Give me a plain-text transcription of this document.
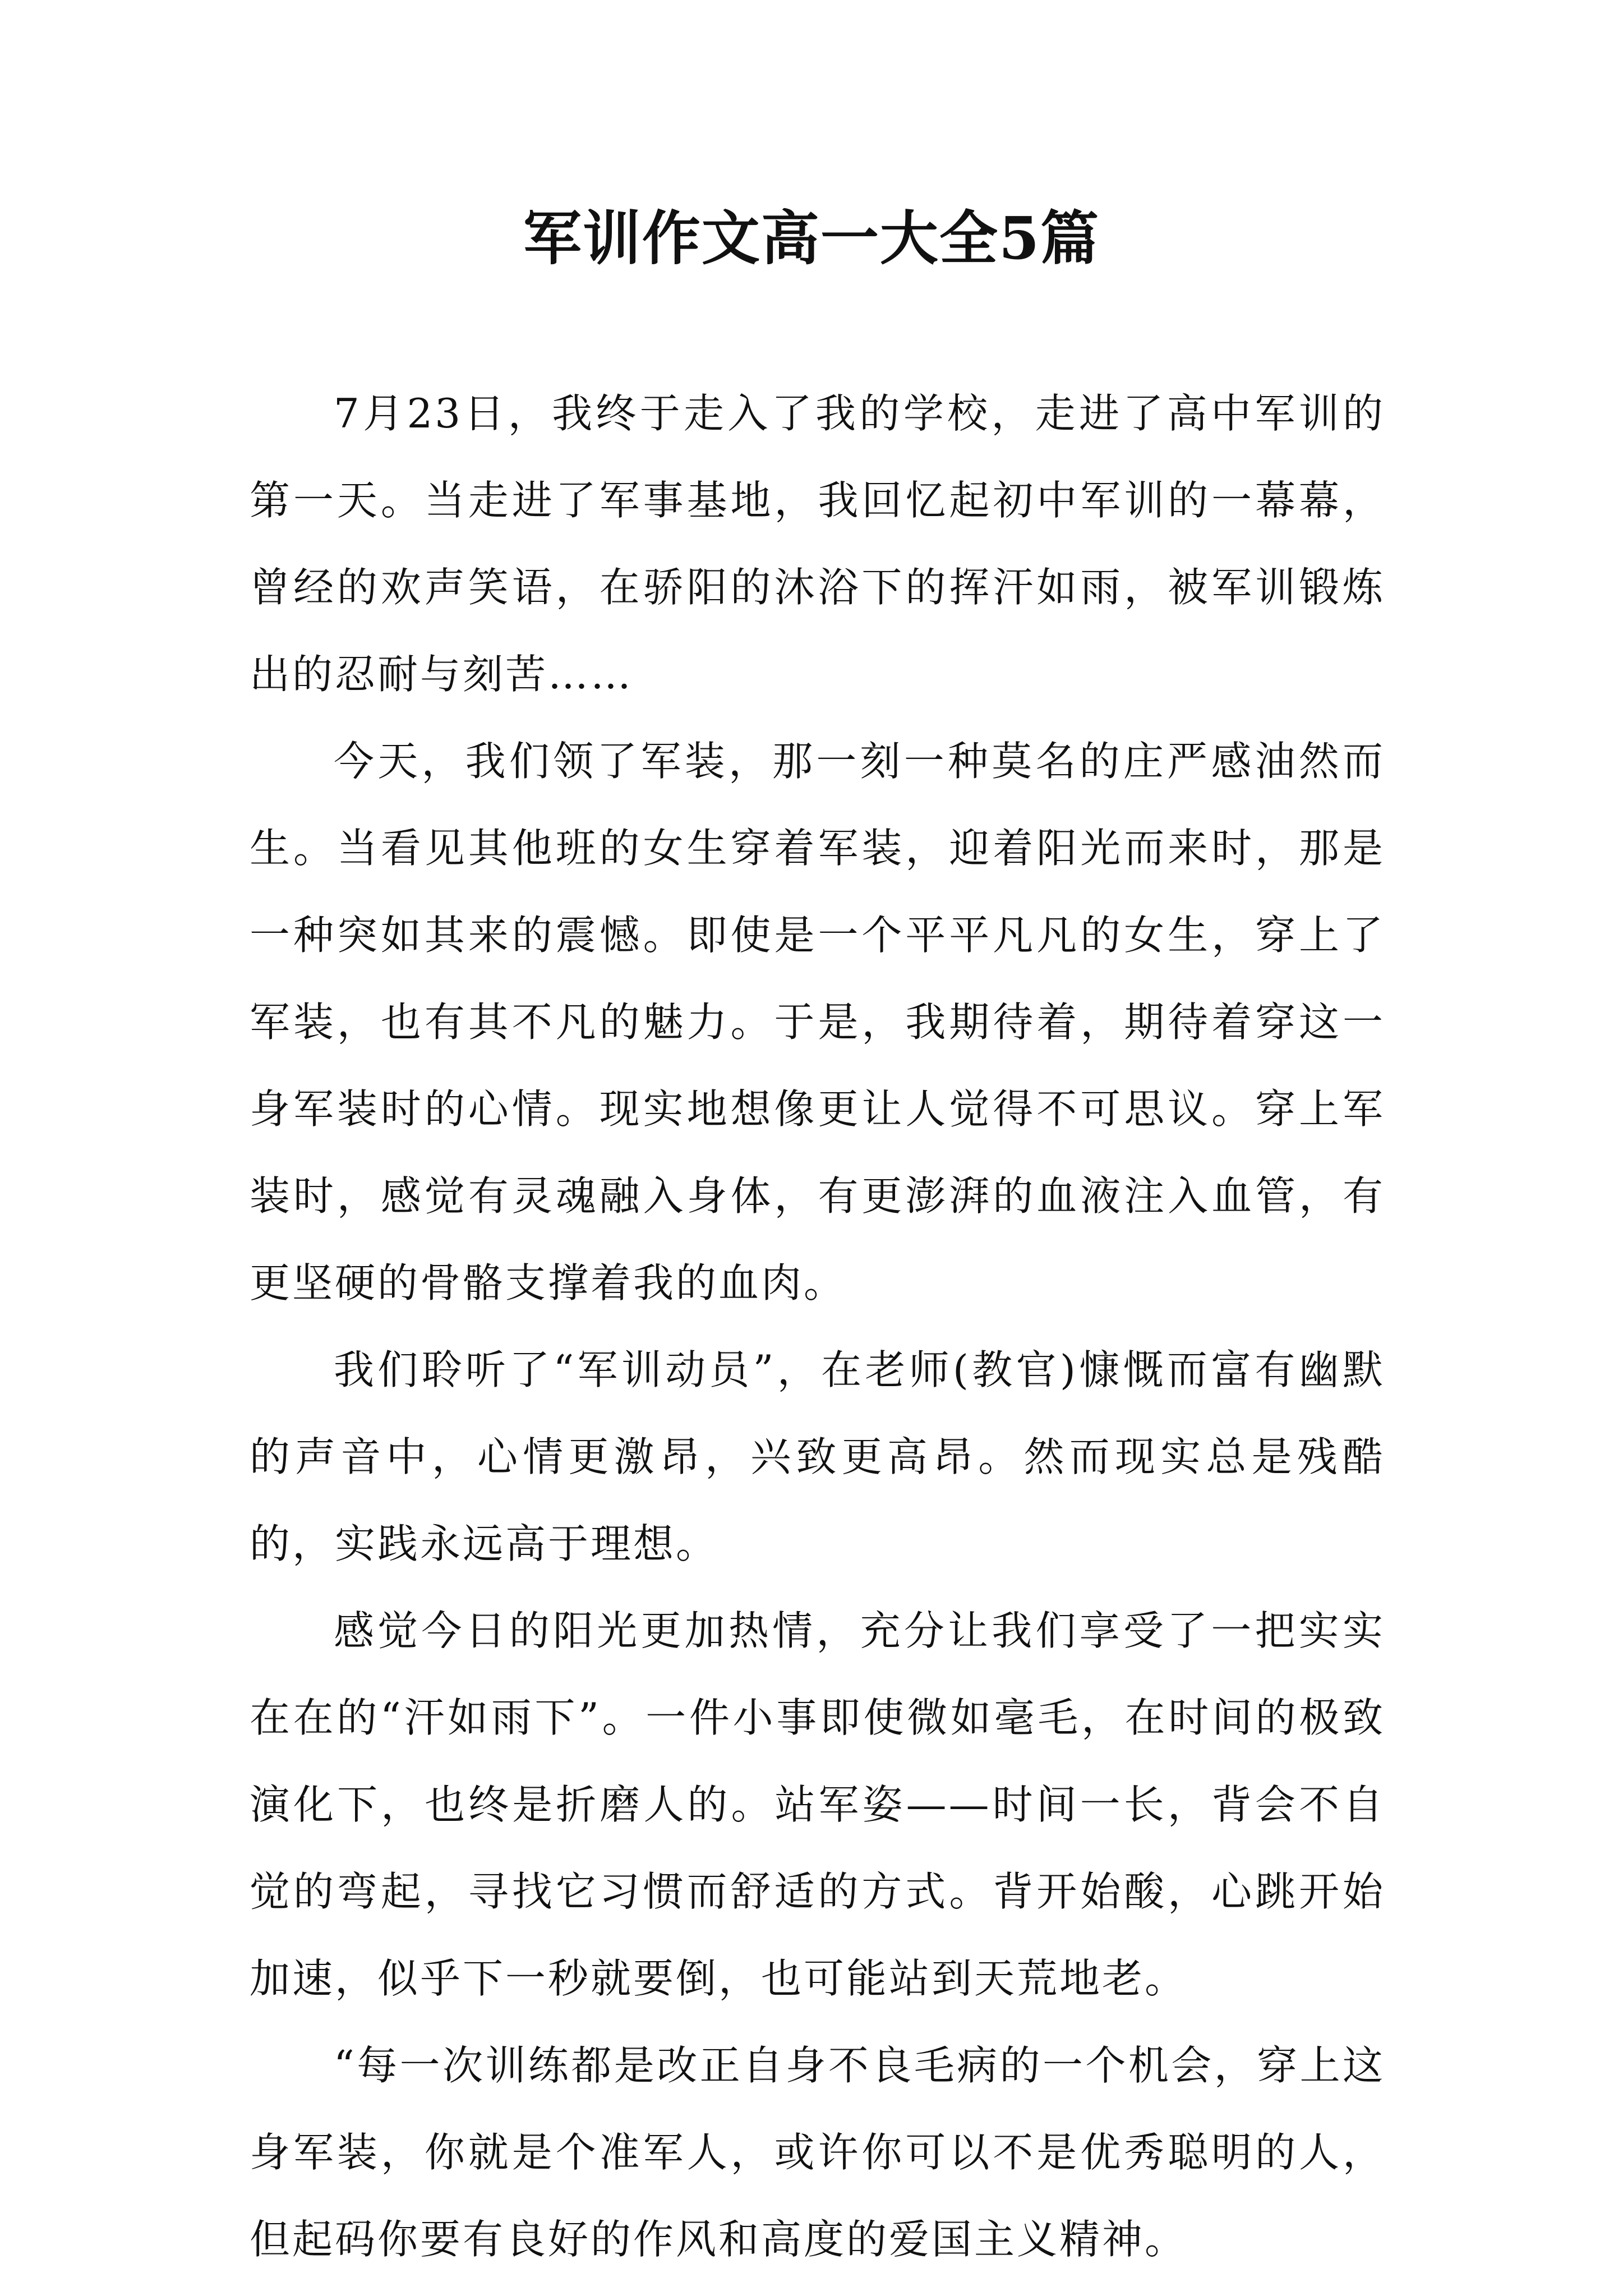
军训作文高一大全5篇

7月23日，我终于走入了我的学校，走进了高中军训的第一天。当走进了军事基地，我回忆起初中军训的一幕幕，曾经的欢声笑语，在骄阳的沐浴下的挥汗如雨，被军训锻炼出的忍耐与刻苦……

今天，我们领了军装，那一刻一种莫名的庄严感油然而生。当看见其他班的女生穿着军装，迎着阳光而来时，那是一种突如其来的震憾。即使是一个平平凡凡的女生，穿上了军装，也有其不凡的魅力。于是，我期待着，期待着穿这一身军装时的心情。现实地想像更让人觉得不可思议。穿上军装时，感觉有灵魂融入身体，有更澎湃的血液注入血管，有更坚硬的骨骼支撑着我的血肉。

我们聆听了“军训动员”，在老师(教官)慷慨而富有幽默的声音中，心情更激昂，兴致更高昂。然而现实总是残酷的，实践永远高于理想。

感觉今日的阳光更加热情，充分让我们享受了一把实实在在的“汗如雨下”。一件小事即使微如毫毛，在时间的极致演化下，也终是折磨人的。站军姿——时间一长，背会不自觉的弯起，寻找它习惯而舒适的方式。背开始酸，心跳开始加速，似乎下一秒就要倒，也可能站到天荒地老。

“每一次训练都是改正自身不良毛病的一个机会，穿上这身军装，你就是个准军人，或许你可以不是优秀聪明的人，但起码你要有良好的作风和高度的爱国主义精神。
